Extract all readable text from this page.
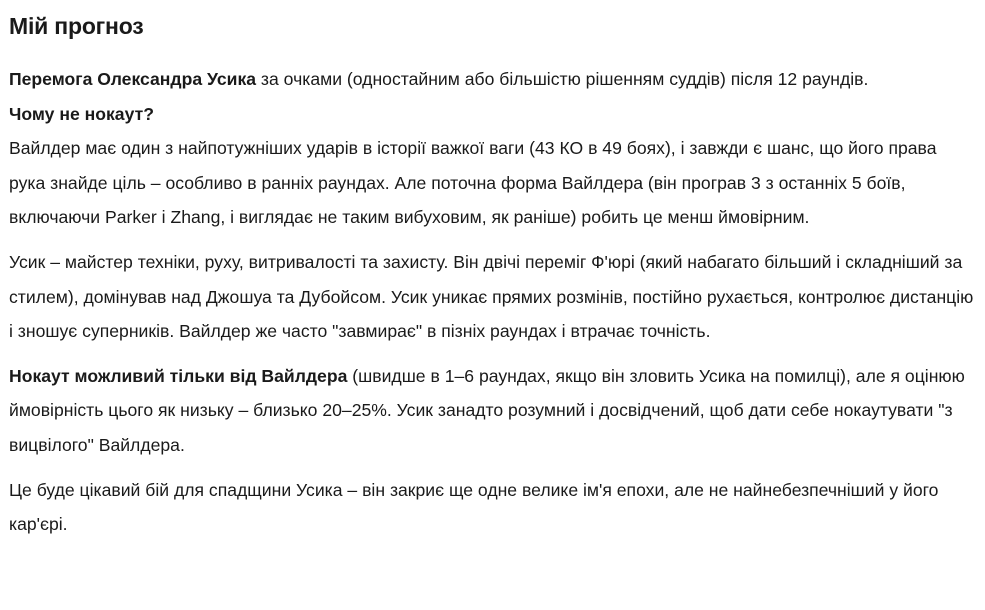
Мій прогноз

Перемога Олександра Усика за очками (одностайним або більшістю рішенням суддів) після 12 раундів.

Чому не нокаут?

Вайлдер має один з найпотужніших ударів в історії важкої ваги (43 КО в 49 боях), і завжди є шанс, що його права рука знайде ціль – особливо в ранніх раундах. Але поточна форма Вайлдера (він програв 3 з останніх 5 боїв, включаючи Parker і Zhang, і виглядає не таким вибуховим, як раніше) робить це менш ймовірним.

Усик – майстер техніки, руху, витривалості та захисту. Він двічі переміг Ф'юрі (який набагато більший і складніший за стилем), домінував над Джошуа та Дубойсом. Усик уникає прямих розмінів, постійно рухається, контролює дистанцію і зношує суперників. Вайлдер же часто "завмирає" в пізніх раундах і втрачає точність.

Нокаут можливий тільки від Вайлдера (швидше в 1–6 раундах, якщо він зловить Усика на помилці), але я оцінюю ймовірність цього як низьку – близько 20–25%. Усик занадто розумний і досвідчений, щоб дати себе нокаутувати "з вицвілого" Вайлдера.

Це буде цікавий бій для спадщини Усика – він закриє ще одне велике ім'я епохи, але не найнебезпечніший у його кар'єрі.
